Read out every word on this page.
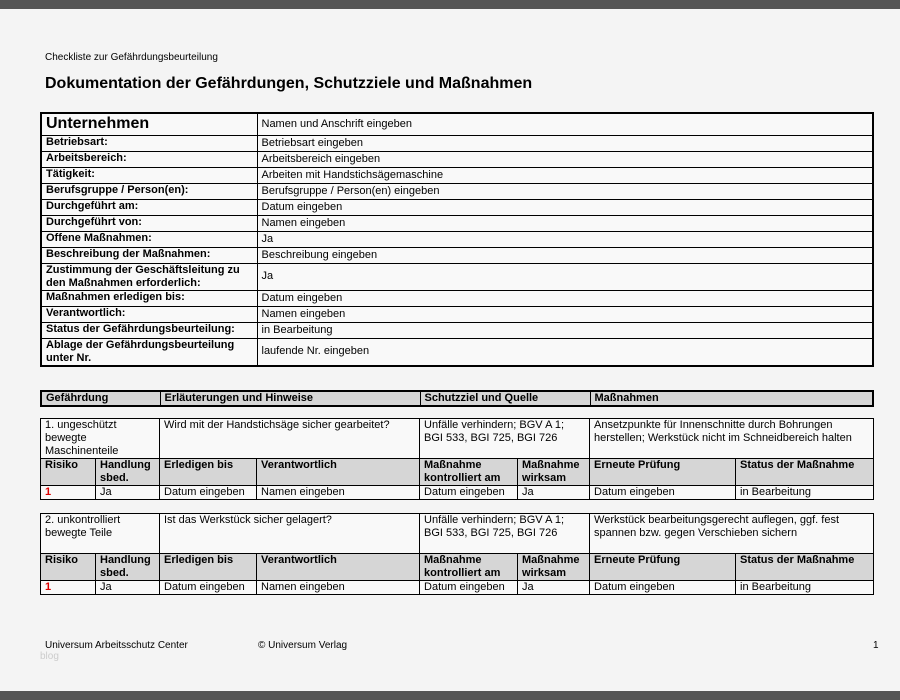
Checkliste zur Gefährdungsbeurteilung
Dokumentation der Gefährdungen, Schutzziele und Maßnahmen
Unternehmen	Namen und Anschrift eingeben
Betriebsart:	Betriebsart eingeben
Arbeitsbereich:	Arbeitsbereich eingeben
Tätigkeit:	Arbeiten mit Handstichsägemaschine
Berufsgruppe / Person(en):	Berufsgruppe / Person(en) eingeben
Durchgeführt am:	Datum eingeben
Durchgeführt von:	Namen eingeben
Offene Maßnahmen:	Ja
Beschreibung der Maßnahmen:	Beschreibung eingeben
Zustimmung der Geschäftsleitung zu den Maßnahmen erforderlich:	Ja
Maßnahmen erledigen bis:	Datum eingeben
Verantwortlich:	Namen eingeben
Status der Gefährdungsbeurteilung:	in Bearbeitung
Ablage der Gefährdungsbeurteilung unter Nr.	laufende Nr. eingeben
Gefährdung	Erläuterungen und Hinweise	Schutzziel und Quelle	Maßnahmen
1. ungeschützt bewegte Maschinenteile		Wird mit der Handstichsäge sicher gearbeitet?		Unfälle verhindern; BGV A 1; BGI 533, BGI 725, BGI 726		Ansetzpunkte für Innenschnitte durch Bohrungen herstellen; Werkstück nicht im Schneidbereich halten	
Risiko	Handlung sbed.	Erledigen bis	Verantwortlich	Maßnahme kontrolliert am	Maßnahme wirksam	Erneute Prüfung	Status der Maßnahme
1	Ja	Datum eingeben	Namen eingeben	Datum eingeben	Ja	Datum eingeben	in Bearbeitung
2. unkontrolliert bewegte Teile		Ist das Werkstück sicher gelagert?		Unfälle verhindern; BGV A 1; BGI 533, BGI 725, BGI 726		Werkstück bearbeitungsgerecht auflegen, ggf. fest spannen bzw. gegen Verschieben sichern	
Risiko	Handlung sbed.	Erledigen bis	Verantwortlich	Maßnahme kontrolliert am	Maßnahme wirksam	Erneute Prüfung	Status der Maßnahme
1	Ja	Datum eingeben	Namen eingeben	Datum eingeben	Ja	Datum eingeben	in Bearbeitung
Universum Arbeitsschutz Center
blog
© Universum Verlag	1
